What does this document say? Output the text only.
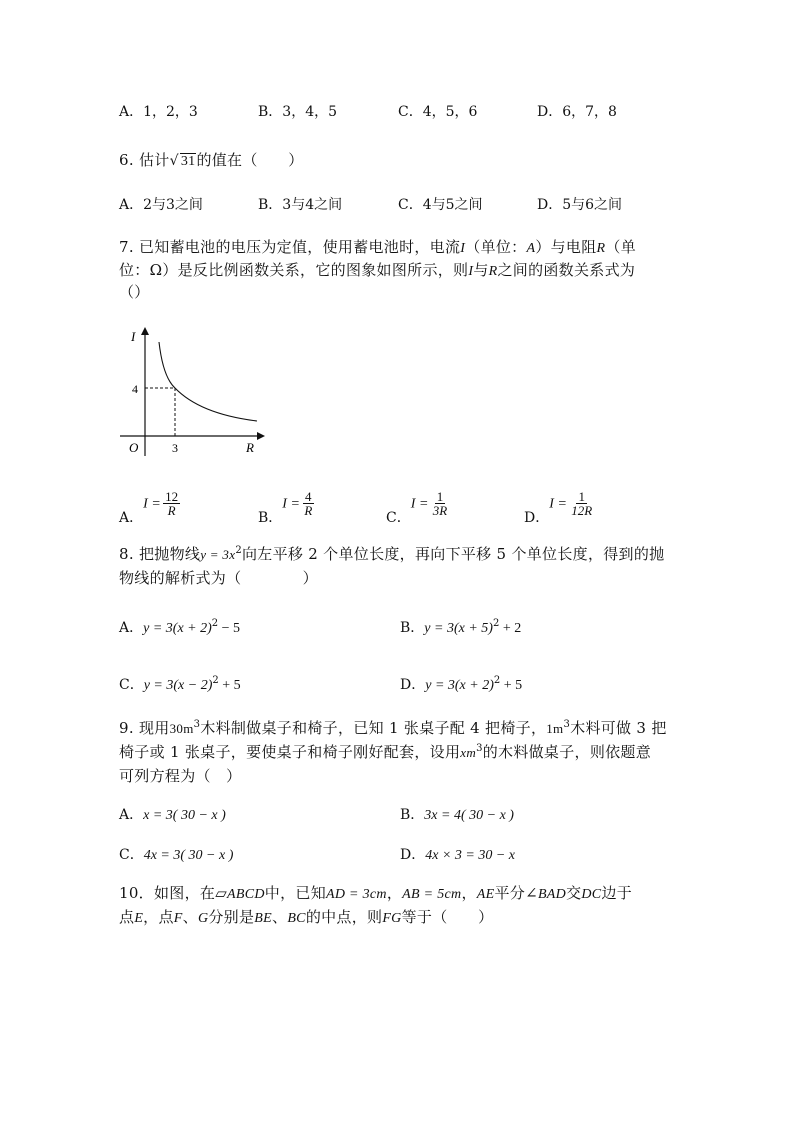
A．1，2，3	B．3，4，5	C．4，5，6	D．6，7，8
6. 估计√ 31的值在（　　）
A．2与3之间	B．3与4之间	C．4与5之间	D．5与6之间
7. 已知蓄电池的电压为定值，使用蓄电池时，电流I（单位：A）与电阻R（单
位：Ω）是反比例函数关系，它的图象如图所示，则I与R之间的函数关系式为
（）
I
4
3
O	R
A．$I = \frac{12}{R}$
B．$I = \frac{4}{R}$
C．$I = \frac{1}{3R}$
D．$I = \frac{1}{12R}$
8. 把抛物线$y = 3x^2$向左平移 2 个单位长度，再向下平移 5 个单位长度，得到的抛
物线的解析式为（　　　　）
A．$y = 3(x + 2)^2 - 5$	B．$y = 3(x + 5)^2 + 2$
C．$y = 3(x - 2)^2 + 5$	D．$y = 3(x + 2)^2 + 5$
9. 现用$30m^3$木料制做桌子和椅子，已知 1 张桌子配 4 把椅子，$1m^3$木料可做 3 把
椅子或 1 张桌子，要使桌子和椅子刚好配套，设用$xm^3$的木料做桌子，则依题意
可列方程为（　）
A．x = 3( 30 − x )	B．3x = 4( 30 − x )
C．4x = 3( 30 − x )	D．4x × 3 = 30 − x
10．如图，在▱ABCD中，已知AD = 3cm，AB = 5cm，AE平分∠BAD交DC边于
点E，点F、G分别是BE、BC的中点，则FG等于（　　）
